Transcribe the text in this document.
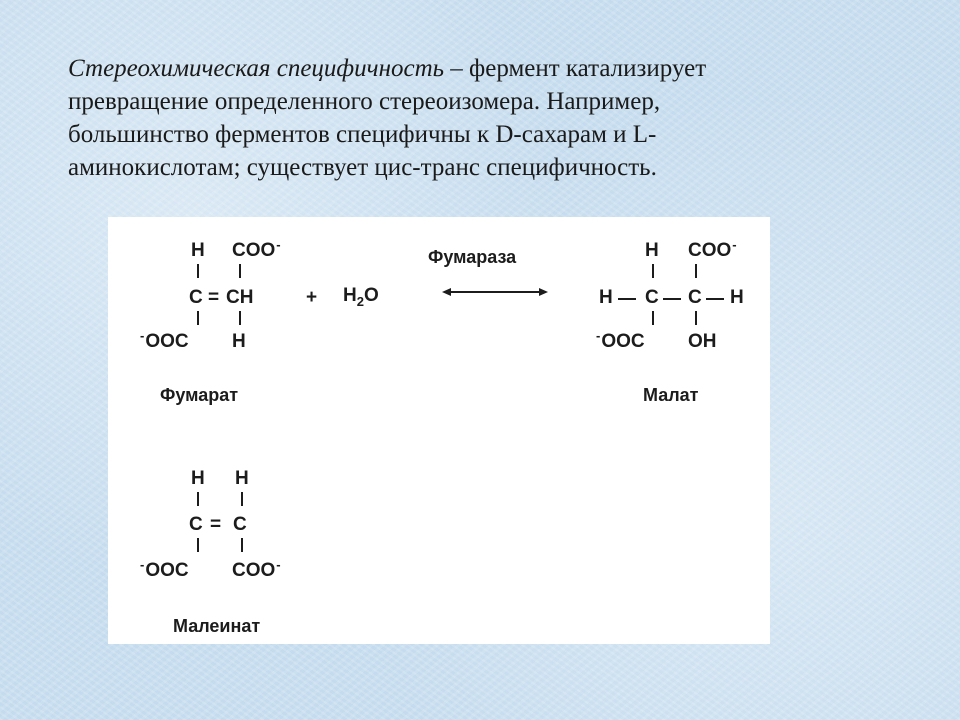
Стереохимическая специфичность – фермент катализирует
превращение определенного стереоизомера. Например,
большинство ферментов специфичны к D-сахарам и L-
аминокислотам; существует цис-транс специфичность.
H COO-
C = CH
-OOC H
Фумарат
+ $H_2O$
Фумараза	H COO-
H C C H
-OOC OH
Малат
H H
C = C
-OOC COO-
Малеинат
